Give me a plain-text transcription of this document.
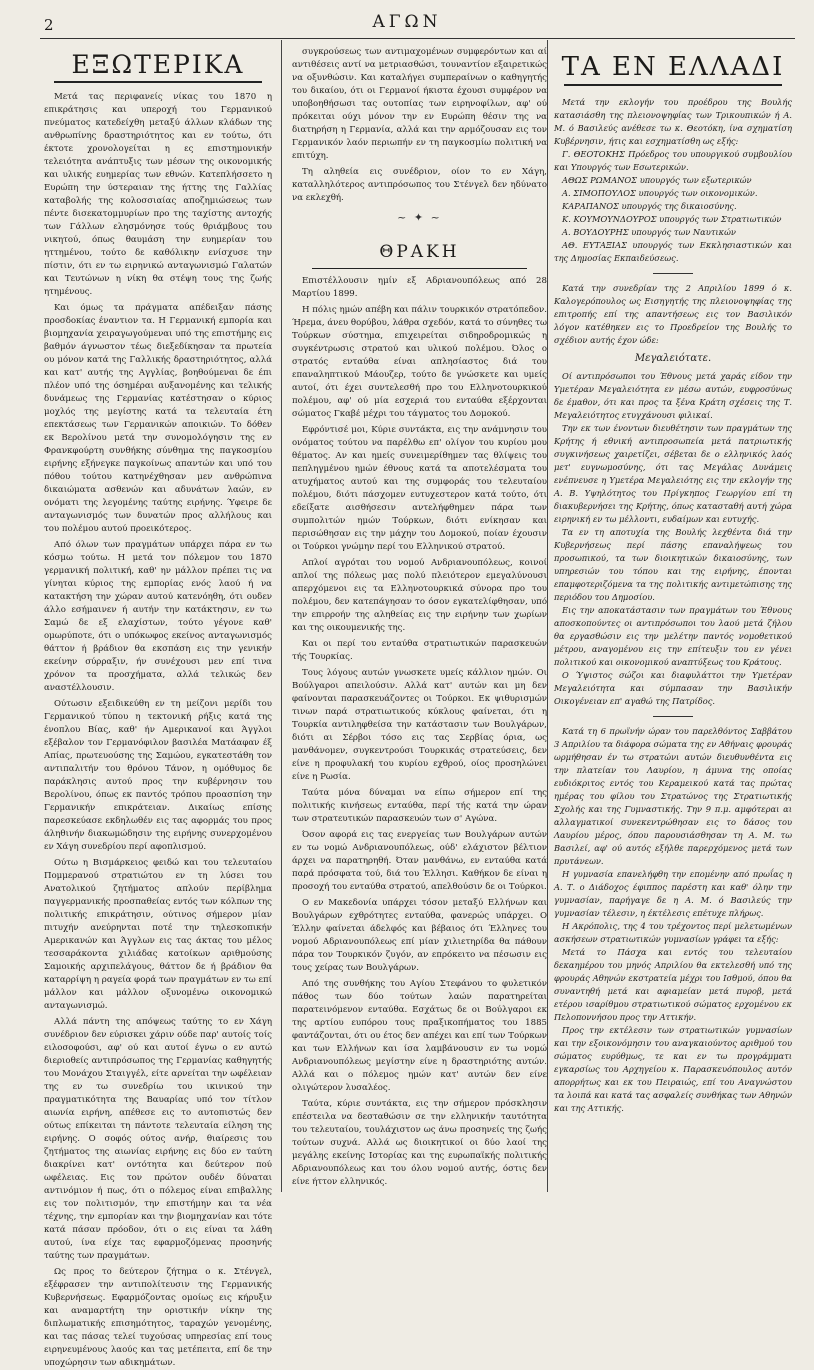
2	ΑΓΩΝ
ΕΞΩΤΕΡΙΚΑ

Μετά τας περιφανείς νίκας του 1870 η επικράτησις και υπεροχή του Γερμανικού πνεύματος κατεδείχθη μεταξύ άλλων κλάδων της ανθρωπίνης δραστηριότητος και εν τούτω, ότι έκτοτε χρονολογείται η ες επιστημονικήν τελειότητα ανάπτυξις των μέσων της οικονομικής και υλικής ευημερίας των εθνών. Κατεπλήσσετο η Ευρώπη την ύστεραιαν της ήττης της Γαλλίας καταβολής της κολοσσιαίας αποζημιώσεως των πέντε δισεκατομμυρίων προ της ταχίστης αντοχής των Γάλλων ελησμόνησε τούς θριάμβους του νικητού, όπως θαυμάση την ευημερίαν του ηττημένου, τούτο δε καθόλικην ενίσχυσε την πίστιν, ότι εν τω ειρηνικώ ανταγωνισμώ Γαλατών και Τευτώνων η νίκη θα στέψη τους της ζωής ητημένους.

Και όμως τα πράγματα απέδειξαν πάσης προσδοκίας έναντιον τα. Η Γερμανική εμπορία και βιομηχανία χειραγωγούμεναι υπό της επιστήμης εις βαθμόν άγνωστον τέως διεξεδίκησαν τα πρωτεία ου μόνον κατά της Γαλλικής δραστηριότητος, αλλά και κατ' αυτής της Αγγλίας, βοηθούμεναι δε έπι πλέον υπό της όσημέραι αυξανομένης και τελικής δυνάμεως της Γερμανίας κατέστησαν ο κύριος μοχλός της μεγίστης κατά τα τελευταία έτη επεκτάσεως των Γερμανικών αποικιών. Το δόθεν εκ Βερολίνου μετά την συνομολόγησιν της εν Φρανκφούρτη συνθήκης σύνθημα της παγκοσμίου ειρήνης εξήνεγκε παγκοίνως απαντών και υπό του πόθου τούτου κατηνέχθησαν μεν ανθρώπινα δικαιώματα ασθενών και αδυνάτων λαών, εν ονόματι της λεγομένης ταύτης ειρήνης. Ύφειρε δε ανταγωνισμός των δυνατών προς αλλήλους και του πολέμου αυτού προεικότερος.

Από όλων των πραγμάτων υπάρχει πάρα εν τω κόσμω τούτω. Η μετά τον πόλεμον του 1870 γερμανική πολιτική, καθ' ην μάλλον πρέπει τις να γίνηται κύριος της εμπορίας ενός λαού ή να κατακτήση την χώραν αυτού κατενόηθη, ότι ουδεν άλλο εσήμαινεν ή αυτήν την κατάκτησιν, εν τω Σαμώ δε εξ ελαχίστων, τούτο γέγονε καθ' ομωρύποτε, ότι ο υπόκωφος εκείνος ανταγωνισμός θάττον ή βράδιον θα εκσπάση εις την γενικήν εκείνην σύρραξιν, ήν συνέχουσι μεν επί τινα χρόνον τα προσχήματα, αλλά τελικώς δεν αναστέλλουσιν.

Ούτωσιν εξειδικεύθη εν τη μείζονι μερίδι του Γερμανικού τύπου η τεκτονική ρήξις κατά της ένοπλου Βίας, καθ' ήν Αμερικανοί και Άγγλοι εξέβαλον τον Γερμανόφιλον βασιλέα Ματάαφαν έξ Απίας, πρωτευούσης της Σαμώου, εγκατεστάθη τον αντιπαλιτήν του θρόνου Τάνον, η ομόθυμος δε παράκλησις αυτού προς την κυβέρνησιν του Βερολίνου, όπως εκ παντός τρόπου προασπίση την Γερμανικήν επικράτειαν. Δικαίως επίσης παρεσκεύασε εκδηλωθέν εις τας αφορμάς του προς άληθινήν διακωμώδησιν της ειρήνης συνερχομένου εν Χάγη συνεδρίου περί αφοπλισμού.

Ούτω η Βισμάρκειος φειδώ και του τελευταίου Πομμερανού στρατιώτου εν τη λύσει του Ανατολικού ζητήματος απλούν περίβλημα παγγερμανικής προσπαθείας εντός των κόλπων της πολιτικής επικράτησιν, ούτινος σήμερον μίαν πιτυχήν ανεύρηνται ποτέ την τηλεσκοπικήν Αμερικανών και Άγγλων εις τας άκτας του μέλος τεσσαράκοντα χιλιάδας κατοίκων αριθμούσης Σαμοικής αρχιπελάγους, θάττον δε ή βράδιον θα καταρρίψη η ραγεία φορά των πραγμάτων εν τω επί μάλλον και μάλλον οξυνομένω οικονομικώ ανταγωνισμώ.

Αλλά πάντη της απόψεως ταύτης το εν Χάγη συνέδριον δεν εύρισκει χάριν ούδε παρ' αυτοίς τοίς ειλοσοφούσι, αφ' ού και αυτοί έγνω ο εν αυτώ διεριοθείς αντιπρόσωπος της Γερμανίας καθηγητής του Μονάχου Σταιγγέλ, είτε αρνείται την ωφέλειαν της εν τω συνεδρίω του ικινικού την πραγματικότητα της Βαυαρίας υπό τον τίτλον αιωνία ειρήνη, απέθεσε εις το αυτοπιστώς δεν ούτως επίκειται τη πάντοτε τελευταία είληση της ειρήνης. Ο σοφός ούτος ανήρ, θιαίρεσις του ζητήματος της αιωνίας ειρήνης εις δύο εν ταύτη διακρίνει κατ' οντότητα και δεύτερον πού ωφέλειας. Εις τον πρώτον ουδέν δύναται αντινόμιον ή πως, ότι ο πόλεμος είναι επιβαλλης εις τον πολιτισμόν, την επιστήμην και τα νέα τέχνης, την εμπορίαν και την βιομηχανίαν και τότε κατά πάσαν πρόοδον, ότι ο εις είναι τα λάθη αυτού, ίνα είχε τας εφαρμοζόμενας προσηνής ταύτης των πραγμάτων.

Ως προς το δεύτερον ζήτημα ο κ. Στένγελ, εξέφρασεν την αντιπολίτευσιν της Γερμανικής Κυβερνήσεως. Εφαρμόζοντας ομοίως εις κήρυξιν και αναμαρτήτη την οριστικήν νίκην της διπλωματικής επισημότητος, ταραχών γενομένης, και τας πάσας τελεί τυχούσας υπηρεσίας επί τους ειρηνευμένους λαούς και τας μετέπειτα, επί δε την υποχώρησιν των αδικημάτων.

συγκρούσεως των αντιμαχομένων συμφερόντων και αί αντιθέσεις αντί να μετριασθώσι, τουναντίον εξαιρετικώς να οξυνθώσιν. Και καταλήγει συμπεραίνων ο καθηγητής του δικαίου, ότι οι Γερμανοί ήκιστα έχουσι συμφέρον να υποβοηθήσωσι τας ουτοπίας των ειρηνοφίλων, αφ' ού πρόκειται ούχι μόνον την εν Ευρώπη θέσιν της να διατηρήση η Γερμανία, αλλά και την αρμόζουσαν εις τον Γερμανικόν λαόν περιωπήν εν τη παγκοσμίω πολιτική να επιτύχη.

Τη αληθεία εις συνέδριον, οίον το εν Χάγη, καταλληλότερος αντιπρόσωπος του Στένγελ δεν ηδύνατο να εκλεχθή.

~ ✦ ~
ΘΡΑΚΗ

Επιστέλλουσιν ημίν εξ Αδριανουπόλεως από 28 Μαρτίου 1899.

Η πόλις ημών απέβη και πάλιν τουρκικόν στρατόπεδον. Ήρεμα, άνευ θορύβου, λάθρα σχεδόν, κατά το σύνηθες τω Τούρκων σύστημα, επιχειρείται σιδηροδρομικώς η συγκέντρωσις στρατού και υλικού πολέμου. Όλος ο στρατός ενταύθα είναι απλησίαστος διά του επαναληπτικού Μάουζερ, τούτο δε γνώσκετε και υμείς αυτοί, ότι έχει συντελεσθή προ του Ελληνοτουρκικού πολέμου, αφ' ού μία εσχεριά του ενταύθα εξέρχονται σώματος Γκαβέ μέχρι του τάγματος του Δομοκού.

Εφρόντισέ μοι, Κύριε συντάκτα, εις την ανάμνησιν του ονόματος τούτου να παρέλθω επ' ολίγον του κυρίου μου θέματος. Αν και ημείς συνειμερίθημεν τας θλίψεις του πεπληγμένου ημών έθνους κατά τα αποτελέσματα του ατυχήματος αυτού και της συμφοράς του τελευταίου πολέμου, διότι πάσχομεν ευτυχεστερον κατά τούτο, ότι εδείξατε αισθήσεσιν αντελήφθημεν πάρα των συμπολιτών ημών Τούρκων, διότι ενίκησαν και περισώθησαν εις την μάχην του Δομοκού, ποίαν έχουσιν οι Τούρκοι γνώμην περί του Ελληνικού στρατού.

Απλοί αγρόται του νομού Ανδριανουπόλεως, κοινοί απλοί της πόλεως μας πολύ πλειότερον εμεγαλύνουσι απερχόμενοι εις τα Ελληνοτουρκικά σύνορα προ του πολέμου, δεν κατεπάγησαν το όσον εγκατελίφθησαν, υπό την επιρροήν της αληθείας εις την ειρήνην των χωρίων και της οικουμενικής της.

Και οι περί του ενταύθα στρατιωτικών παρασκευών τής Τουρκίας.

Τους λόγους αυτών γνωσκετε υμείς κάλλιον ημών. Οι Βούλγαροι απειλούσιν. Αλλά κατ' αυτών και μη δεν φαίνονται παρασκευάζοντες οι Τούρκοι. Εκ ψιθυρισμών τινων παρά στρατιωτικούς κύκλους φαίνεται, ότι η Τουρκία αντιληφθείσα την κατάστασιν των Βουλγάρων, διότι αι Σέρβοι τόσο εις τας Σερβίας όρια, ως μανθάνομεν, συγκεντρούσι Τουρκικάς στρατεύσεις, δεν είνε η προφυλακή του κυρίου εχθρού, οίος προσηλώνει είνε η Ρωσία.

Ταύτα μόνα δύναμαι να είπω σήμερον επί της πολιτικής κινήσεως ενταύθα, περί τής κατά την ώραν των στρατευτικών παρασκευών των σ' Αγώνα.

Όσον αφορά εις τας ενεργείας των Βουλγάρων αυτών εν τω νομώ Ανδριανουπόλεως, ούδ' ελάχιστον βέλτιον άρχει να παρατηρηθή. Όταν μανθάνω, εν ενταύθα κατά παρά πρόσφατα τού, διά του Έλλησι. Καθήκον δε είναι η προσοχή του ενταύθα στρατού, απελθούσιν δε οι Τούρκοι.

Ο εν Μακεδονία υπάρχει τόσον μεταξύ Ελλήνων και Βουλγάρων εχθρότητες ενταύθα, φανερώς υπάρχει. Ο Έλλην φαίνεται άδελφός και βέβαιος ότι Έλληνες του νομού Αδριανουπόλεως επί μίαν χιλιετηρίδα θα πάθουν πάρα τον Τουρκικόν ζυγόν, αν επρόκειτο να πέσωσιν εις τους χείρας των Βουλγάρων.

Από της συνθήκης του Αγίου Στεφάνου το φυλετικόν πάθος των δύο τούτων λαών παρατηρείται παρατεινόμενον ενταύθα. Εσχάτως δε οι Βούλγαροι εκ της αρτίου ευπόρου τους πραξικοπήματος του 1885 φαντάζονται, ότι ου έτος δεν απέχει και επί των Τούρκων και των Ελλήνων και ίσα λαμβάνουσιν εν τω νομώ Ανδριανουπόλεως μεγίστην είνε η δραστηριότης αυτών. Αλλά και ο πόλεμος ημών κατ' αυτών δεν είνε ολιγώτερον λυσαλέος.

Ταύτα, κύριε συντάκτα, εις την σήμερον πρόσκλησιν επέστειλα να δεσταθώσιν σε την ελληνικήν ταυτότητα του τελευταίου, τουλάχιστον ως άνω προσηνείς της ζωής τούτων συχνά. Αλλά ως διοικητικοί οι δύο λαοί της μεγάλης εκείνης Ιστορίας και της ευρωπαϊκής πολιτικής Αδριανουπόλεως και του όλου νομού αυτής, όστις δεν είνε ήττον ελληνικός.

ΤΑ ΕΝ ΕΛΛΑΔΙ

Μετά την εκλογήν του προέδρου της Βουλής κατασιάσθη της πλειονοψηφίας των Τρικουπικών ή Α. Μ. ό Βασιλεύς ανέθεσε τω κ. Θεοτόκη, ίνα σχηματίση Κυβέρνησιν, ήτις και εσχηματίσθη ως εξής:

Γ. ΘΕΟΤΟΚΗΣ Πρόεδρος του υπουργικού συμβουλίου και Υπουργός των Εσωτερικών.

ΑΘΩΣ ΡΩΜΑΝΟΣ υπουργός των εξωτερικών

Α. ΣΙΜΟΠΟΥΛΟΣ υπουργός των οικονομικών.

ΚΑΡΑΠΑΝΟΣ υπουργός της δικαιοσύνης.

Κ. ΚΟΥΜΟΥΝΔΟΥΡΟΣ υπουργός των Στρατιωτικών

Α. ΒΟΥΔΟΥΡΗΣ υπουργός των Ναυτικών

ΑΘ. ΕΥΤΑΞΙΑΣ υπουργός των Εκκλησιαστικών και της Δημοσίας Εκπαιδεύσεως.

Κατά την συνεδρίαν της 2 Απριλίου 1899 ό κ. Καλογερόπουλος ως Εισηγητής της πλειονοψηφίας της επιτροπής επί της απαντήσεως εις τον Βασιλικόν λόγον κατέθηκεν εις το Προεδρείον της Βουλής το σχέδιον αυτής έχον ώδε:

Μεγαλειότατε.

Οί αντιπρόσωποι του Έθνους μετά χαράς είδον την Υμετέραν Μεγαλειότητα εν μέσω αυτών, ευφροσύνως δε έμαθον, ότι και προς τα ξένα Κράτη σχέσεις της Τ. Μεγαλειότητος ετυγχάνουσι φιλικαί.

Την εκ των ένοντων διευθέτησιν των πραγμάτων της Κρήτης ή εθνική αντιπροσωπεία μετά πατριωτικής συγκινήσεως χαιρετίζει, σέβεται δε ο ελληνικός λαός μετ' ευγνωμοσύνης, ότι τας Μεγάλας Δυνάμεις ενέπνευσε η Υμετέρα Μεγαλειότης εις την εκλογήν της Α. Β. Υψηλότητος του Πρίγκηπος Γεωργίου επί τη διακυβερνήσει της Κρήτης, όπως κατασταθή αυτή χώρα ειρηνική εν τω μέλλοντι, ευδαίμων και ευτυχής.

Τα εν τη αποτυχία της Βουλής λεχθέντα διά την Κυβερνήσεως περί πάσης επαναλήψεως του προσωπικού, τα των διοικητικών δικαιοσύνης, των υπηρεσιών του τόπου και της ειρήνης, έπονται επαμφοτεριζόμενα τα της πολιτικής αντιμετώπισης της περιόδου του Δημοσίου.

Εις την αποκατάστασιν των πραγμάτων του Έθνους αποσκοπούντες οι αντιπρόσωποι του λαού μετά ζήλου θα εργασθώσιν εις την μελέτην παντός νομοθετικού μέτρου, αναγομένου εις την επίτευξιν του εν γένει πολιτικού και οικονομικού αναπτύξεως του Κράτους.

Ο Ύψιστος σώζοι και διαφυλάττοι την Υμετέραν Μεγαλειότητα και σύμπασαν την Βασιλικήν Οικογένειαν επ' αγαθώ της Πατρίδος.

Κατά τη 6 πρωϊνήν ώραν του παρελθόντος Σαββάτου 3 Απριλίου τα διάφορα σώματα της εν Αθήναις φρουράς ωρμήθησαν έν τω στρατώνι αυτών διευθυνθέντα εις την πλατείαν του Λαυρίου, η άμυνα της οποίας ευδιόκριτος εντός του Κεραμεικού κατά τας πρώτας ημέρας του φίλου του Στρατώνος της Στρατιωτικής Σχολής και της Γυμναστικής. Την 9 π.μ. αμφότεραι αι αλλαγματικοί συνεκεντρώθησαν εις το δάσος του Λαυρίου μέρος, όπου παρουσιάσθησαν τη Α. Μ. τω Βασιλεί, αφ' ού αυτός εξήλθε παρερχόμενος μετά των πρυτάνεων.

Η γυμνασία επανελήφθη την επομένην από πρωΐας η Α. Τ. ο Διάδοχος έφιππος παρέστη και καθ' όλην την γυμνασίαν, παρήγαγε δε η Α. Μ. ό Βασιλεύς την γυμνασίαν τέλεσιν, η έκτέλεσις επέτυχε πλήρως.

Η Ακρόπολις, της 4 του τρέχοντος περί μελετωμένων ασκήσεων στρατιωτικών γυμνασίων γράφει τα εξής:

Μετά το Πάσχα και εντός του τελευταίου δεκαημέρου του μηνός Απριλίου θα εκτελεσθή υπό της φρουράς Αθηνών εκστρατεία μέχρι του Ισθμού, όπου θα συναντηθή μετά και αφιαμείαν μετά πυροβ, μετά ετέρου ισαρίθμου στρατιωτικού σώματος ερχομένου εκ Πελοποννήσου προς την Αττικήν.

Προς την εκτέλεσιν των στρατιωτικών γυμνασίων και την εξοικονόμησιν του αναγκαιούντος αριθμού του σώματος ευρύθμως, τε και εν τω προγράμματι εγκαρσίως του Αρχηγείου κ. Παρασκευόπουλος αυτόν απορρήτως και εκ του Πειραιώς, επί του Αναγνώστου τα λοιπά και κατά τας ασφαλείς συνθήκας των Αθηνών και της Αττικής.
